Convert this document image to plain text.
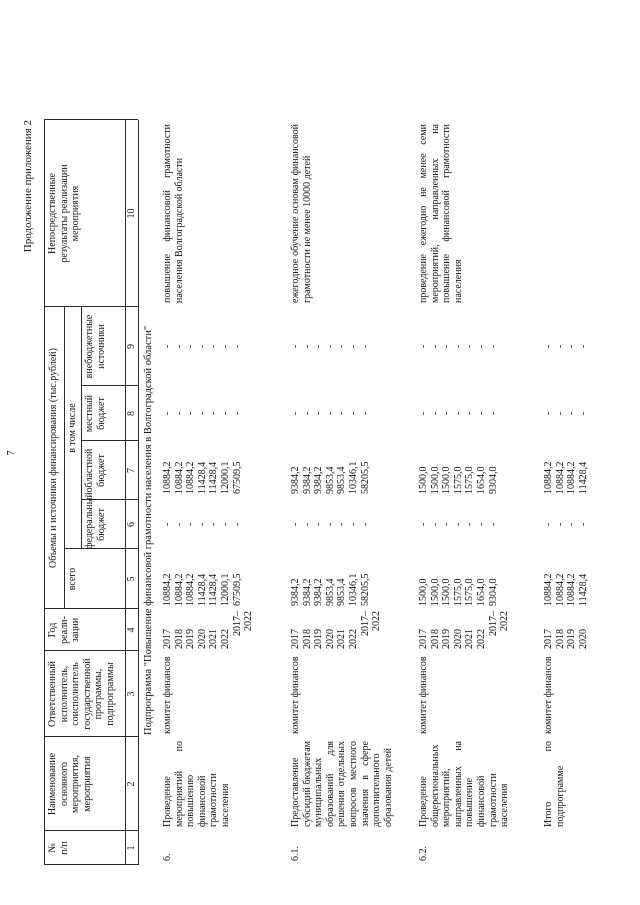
7
Продолжение приложения 2
№
п/п
Наименование
основного мероприятия,
мероприятия
Ответственный
исполнитель,
соисполнитель
государственной
программы,
подпрограммы
Год
реали-
зации
Объемы и источники финансирования (тыс.рублей)
всего
в том числе
федеральный
бюджет
областной
бюджет
местный
бюджет
внебюджетные
источники
Непосредственные
результаты реализации
мероприятия
1
2
3
4
5
6
7
8
9
10
Подпрограмма "Повышение финансовой грамотности населения в Волгоградской области"
6.
Проведение мероприятий по повышению финансовой грамотности населения
комитет финансов
2017
10884,2
-
10884,2
-
-
2018
10884,2
-
10884,2
-
-
2019
10884,2
-
10884,2
-
-
2020
11428,4
-
11428,4
-
-
2021
11428,4
-
11428,4
-
-
2022
12000,1
-
12000,1
-
-
2017–2022
67509,5
-
67509,5
-
-
повышение финансовой грамотности населения Волгоградской области
6.1.
Предоставление субсидий бюджетам муниципальных образований для решения отдельных вопросов местного значения в сфере дополнительного образования детей
комитет финансов
2017
9384,2
-
9384,2
-
-
2018
9384,2
-
9384,2
-
-
2019
9384,2
-
9384,2
-
-
2020
9853,4
-
9853,4
-
-
2021
9853,4
-
9853,4
-
-
2022
10346,1
-
10346,1
-
-
2017–2022
58205,5
-
58205,5
-
-
ежегодное обучение основам финансовой грамотности не менее 10000 детей
6.2.
Проведение общерегиональных мероприятий, направленных на повышение финансовой грамотности населения
комитет финансов
2017
1500,0
-
1500,0
-
-
2018
1500,0
-
1500,0
-
-
2019
1500,0
-
1500,0
-
-
2020
1575,0
-
1575,0
-
-
2021
1575,0
-
1575,0
-
-
2022
1654,0
-
1654,0
-
-
2017–2022
9304,0
-
9304,0
-
-
проведение ежегодно не менее семи мероприятий, направленных на повышение финансовой грамотности населения
Итого по подпрограмме
комитет финансов
2017
10884,2
-
10884,2
-
-
2018
10884,2
-
10884,2
-
-
2019
10884,2
-
10884,2
-
-
2020
11428,4
-
11428,4
-
-
